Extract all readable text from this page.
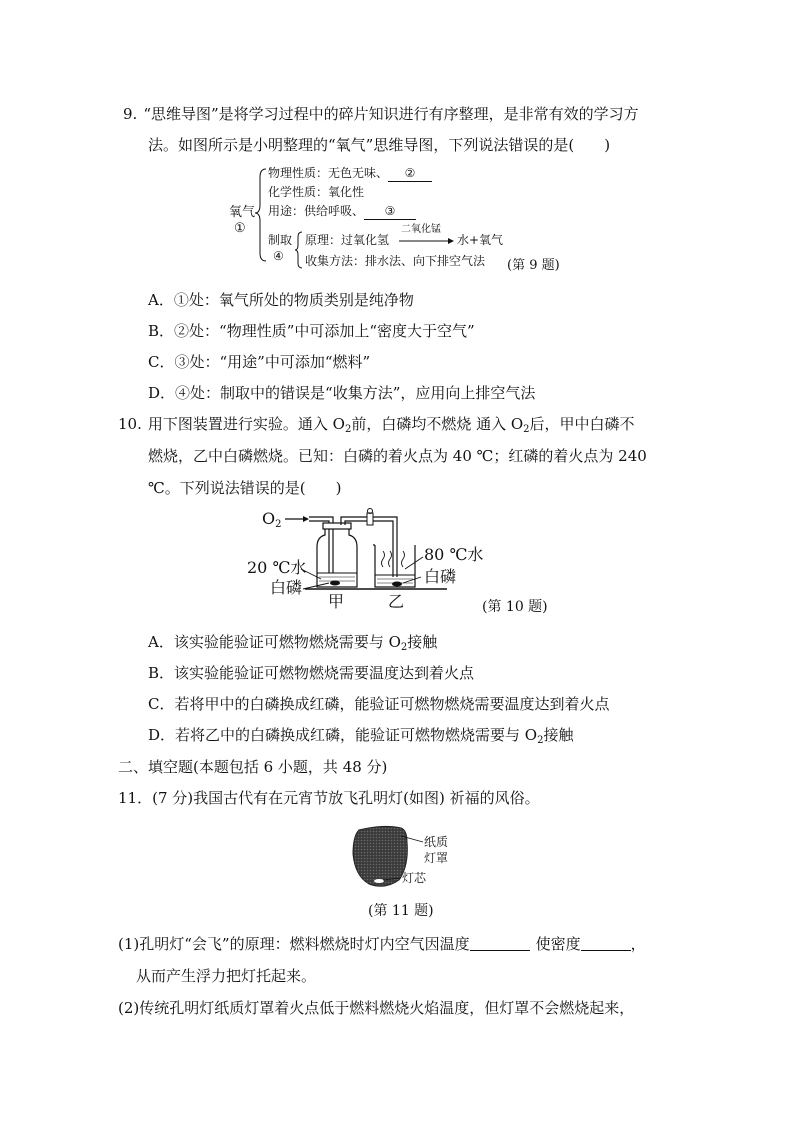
9. “思维导图”是将学习过程中的碎片知识进行有序整理，是非常有效的学习方
法。如图所示是小明整理的“氧气”思维导图，下列说法错误的是(　　)
氧气
①
物理性质：无色无味、 ②
化学性质：氧化性
用途：供给呼吸、 ③
制取
④
原理：过氧化氢
二氧化锰
→ 水+氧气
收集方法：排水法、向下排空气法 (第 9 题)
A．①处：氧气所处的物质类别是纯净物
B．②处：“物理性质”中可添加上“密度大于空气”
C．③处：“用途”中可添加“燃料”
D．④处：制取中的错误是“收集方法”，应用向上排空气法
10. 用下图装置进行实验。通入 $O_2$前，白磷均不燃烧 通入 $O_2$后，甲中白磷不
燃烧，乙中白磷燃烧。已知：白磷的着火点为 40 ℃；红磷的着火点为 240
℃。下列说法错误的是(　　)
$O_2$
20 ℃水
白磷
甲	乙
80 ℃水
白磷
(第 10 题)
A．该实验能验证可燃物燃烧需要与 $O_2$接触
B．该实验能验证可燃物燃烧需要温度达到着火点
C．若将甲中的白磷换成红磷，能验证可燃物燃烧需要温度达到着火点
D．若将乙中的白磷换成红磷，能验证可燃物燃烧需要与 $O_2$接触
二、填空题(本题包括 6 小题，共 48 分)
11．(7 分)我国古代有在元宵节放飞孔明灯(如图) 祈福的风俗。
纸质
灯罩
灯芯
(第 11 题)
(1)孔明灯“会飞”的原理：燃料燃烧时灯内空气因温度	使密度	，
从而产生浮力把灯托起来。
(2)传统孔明灯纸质灯罩着火点低于燃料燃烧火焰温度，但灯罩不会燃烧起来，
